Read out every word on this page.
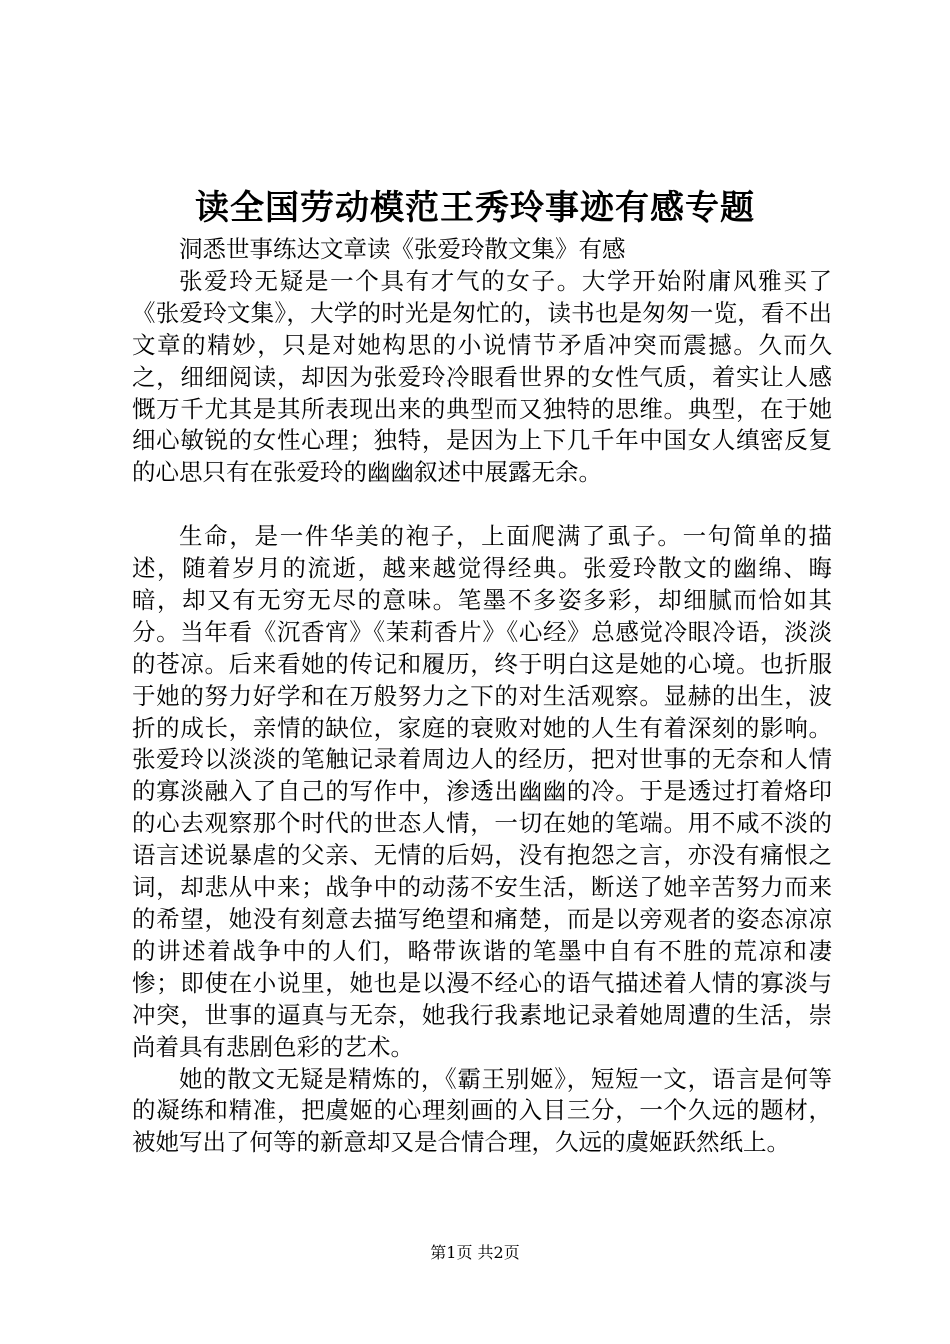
读全国劳动模范王秀玲事迹有感专题

洞悉世事练达文章读《张爱玲散文集》有感

张爱玲无疑是一个具有才气的女子。大学开始附庸风雅买了《张爱玲文集》，大学的时光是匆忙的，读书也是匆匆一览，看不出文章的精妙，只是对她构思的小说情节矛盾冲突而震撼。久而久之，细细阅读，却因为张爱玲冷眼看世界的女性气质，着实让人感慨万千尤其是其所表现出来的典型而又独特的思维。典型，在于她细心敏锐的女性心理；独特，是因为上下几千年中国女人缜密反复的心思只有在张爱玲的幽幽叙述中展露无余。

生命，是一件华美的袍子，上面爬满了虱子。一句简单的描述，随着岁月的流逝，越来越觉得经典。张爱玲散文的幽绵、晦暗，却又有无穷无尽的意味。笔墨不多姿多彩，却细腻而恰如其分。当年看《沉香宵》《茉莉香片》《心经》总感觉冷眼冷语，淡淡的苍凉。后来看她的传记和履历，终于明白这是她的心境。也折服于她的努力好学和在万般努力之下的对生活观察。显赫的出生，波折的成长，亲情的缺位，家庭的衰败对她的人生有着深刻的影响。张爱玲以淡淡的笔触记录着周边人的经历，把对世事的无奈和人情的寡淡融入了自己的写作中，渗透出幽幽的冷。于是透过打着烙印的心去观察那个时代的世态人情，一切在她的笔端。用不咸不淡的语言述说暴虐的父亲、无情的后妈，没有抱怨之言，亦没有痛恨之词，却悲从中来；战争中的动荡不安生活，断送了她辛苦努力而来的希望，她没有刻意去描写绝望和痛楚，而是以旁观者的姿态凉凉的讲述着战争中的人们，略带诙谐的笔墨中自有不胜的荒凉和凄惨；即使在小说里，她也是以漫不经心的语气描述着人情的寡淡与冲突，世事的逼真与无奈，她我行我素地记录着她周遭的生活，崇尚着具有悲剧色彩的艺术。

她的散文无疑是精炼的，《霸王别姬》，短短一文，语言是何等的凝练和精准，把虞姬的心理刻画的入目三分，一个久远的题材，被她写出了何等的新意却又是合情合理，久远的虞姬跃然纸上。

第1页 共2页
